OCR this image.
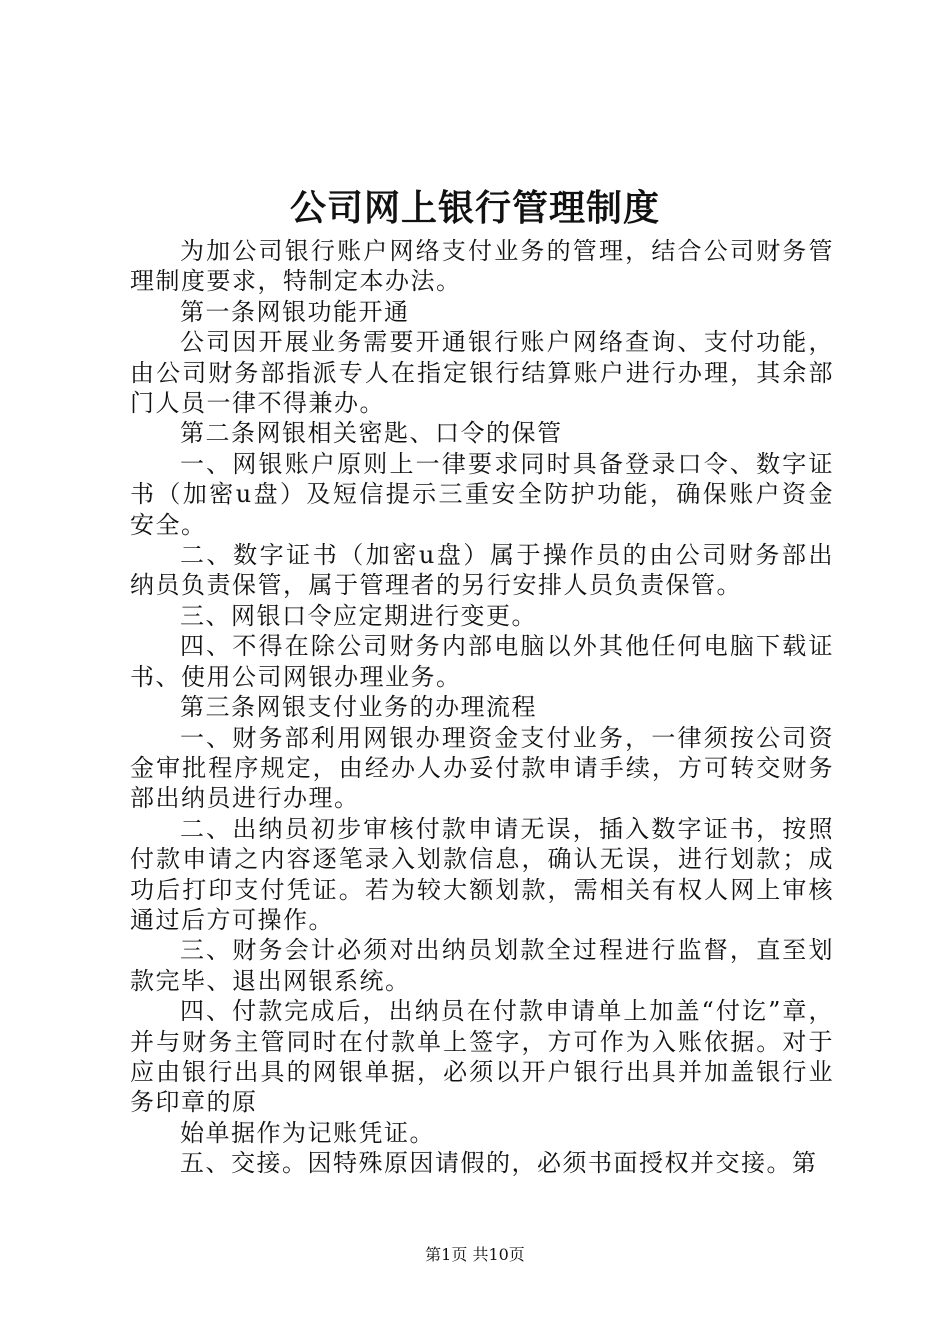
公司网上银行管理制度

为加公司银行账户网络支付业务的管理，结合公司财务管理制度要求，特制定本办法。

第一条网银功能开通

公司因开展业务需要开通银行账户网络查询、支付功能，由公司财务部指派专人在指定银行结算账户进行办理，其余部门人员一律不得兼办。

第二条网银相关密匙、口令的保管

一、网银账户原则上一律要求同时具备登录口令、数字证书（加密u盘）及短信提示三重安全防护功能，确保账户资金安全。

二、数字证书（加密u盘）属于操作员的由公司财务部出纳员负责保管，属于管理者的另行安排人员负责保管。

三、网银口令应定期进行变更。

四、不得在除公司财务内部电脑以外其他任何电脑下载证书、使用公司网银办理业务。

第三条网银支付业务的办理流程

一、财务部利用网银办理资金支付业务，一律须按公司资金审批程序规定，由经办人办妥付款申请手续，方可转交财务部出纳员进行办理。

二、出纳员初步审核付款申请无误，插入数字证书，按照付款申请之内容逐笔录入划款信息，确认无误，进行划款；成功后打印支付凭证。若为较大额划款，需相关有权人网上审核通过后方可操作。

三、财务会计必须对出纳员划款全过程进行监督，直至划款完毕、退出网银系统。

四、付款完成后，出纳员在付款申请单上加盖“付讫”章，并与财务主管同时在付款单上签字，方可作为入账依据。对于应由银行出具的网银单据，必须以开户银行出具并加盖银行业务印章的原

始单据作为记账凭证。

五、交接。因特殊原因请假的，必须书面授权并交接。第

第1页 共10页
